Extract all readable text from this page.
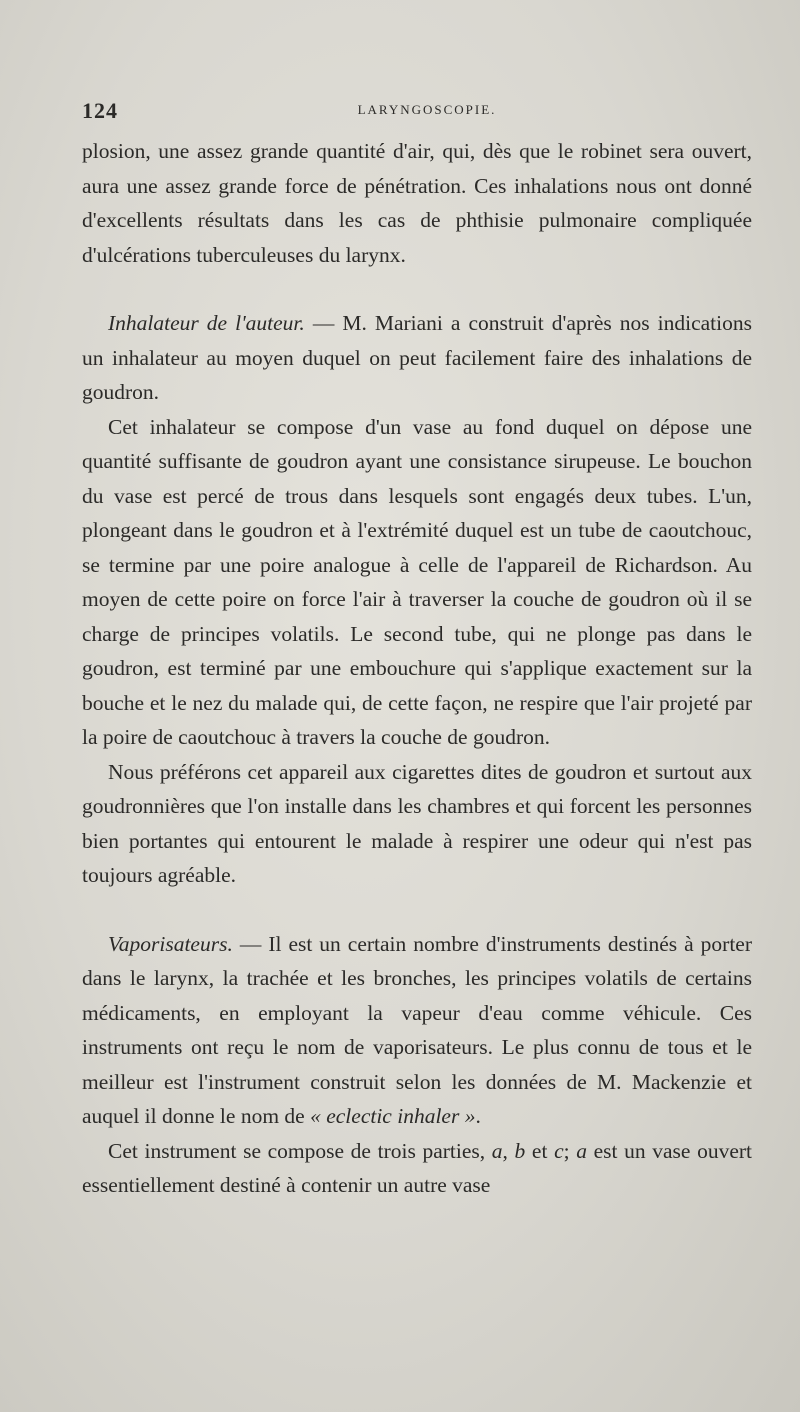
124	LARYNGOSCOPIE.

plosion, une assez grande quantité d'air, qui, dès que le robinet sera ouvert, aura une assez grande force de pénétration. Ces inhalations nous ont donné d'excellents résultats dans les cas de phthisie pulmonaire compliquée d'ulcérations tuberculeuses du larynx.

Inhalateur de l'auteur. — M. Mariani a construit d'après nos indications un inhalateur au moyen duquel on peut facilement faire des inhalations de goudron.

Cet inhalateur se compose d'un vase au fond duquel on dépose une quantité suffisante de goudron ayant une consistance sirupeuse. Le bouchon du vase est percé de trous dans lesquels sont engagés deux tubes. L'un, plongeant dans le goudron et à l'extrémité duquel est un tube de caoutchouc, se termine par une poire analogue à celle de l'appareil de Richardson. Au moyen de cette poire on force l'air à traverser la couche de goudron où il se charge de principes volatils. Le second tube, qui ne plonge pas dans le goudron, est terminé par une embouchure qui s'applique exactement sur la bouche et le nez du malade qui, de cette façon, ne respire que l'air projeté par la poire de caoutchouc à travers la couche de goudron.

Nous préférons cet appareil aux cigarettes dites de goudron et surtout aux goudronnières que l'on installe dans les chambres et qui forcent les personnes bien portantes qui entourent le malade à respirer une odeur qui n'est pas toujours agréable.

Vaporisateurs. — Il est un certain nombre d'instruments destinés à porter dans le larynx, la trachée et les bronches, les principes volatils de certains médicaments, en employant la vapeur d'eau comme véhicule. Ces instruments ont reçu le nom de vaporisateurs. Le plus connu de tous et le meilleur est l'instrument construit selon les données de M. Mackenzie et auquel il donne le nom de « eclectic inhaler ».

Cet instrument se compose de trois parties, a, b et c; a est un vase ouvert essentiellement destiné à contenir un autre vase
